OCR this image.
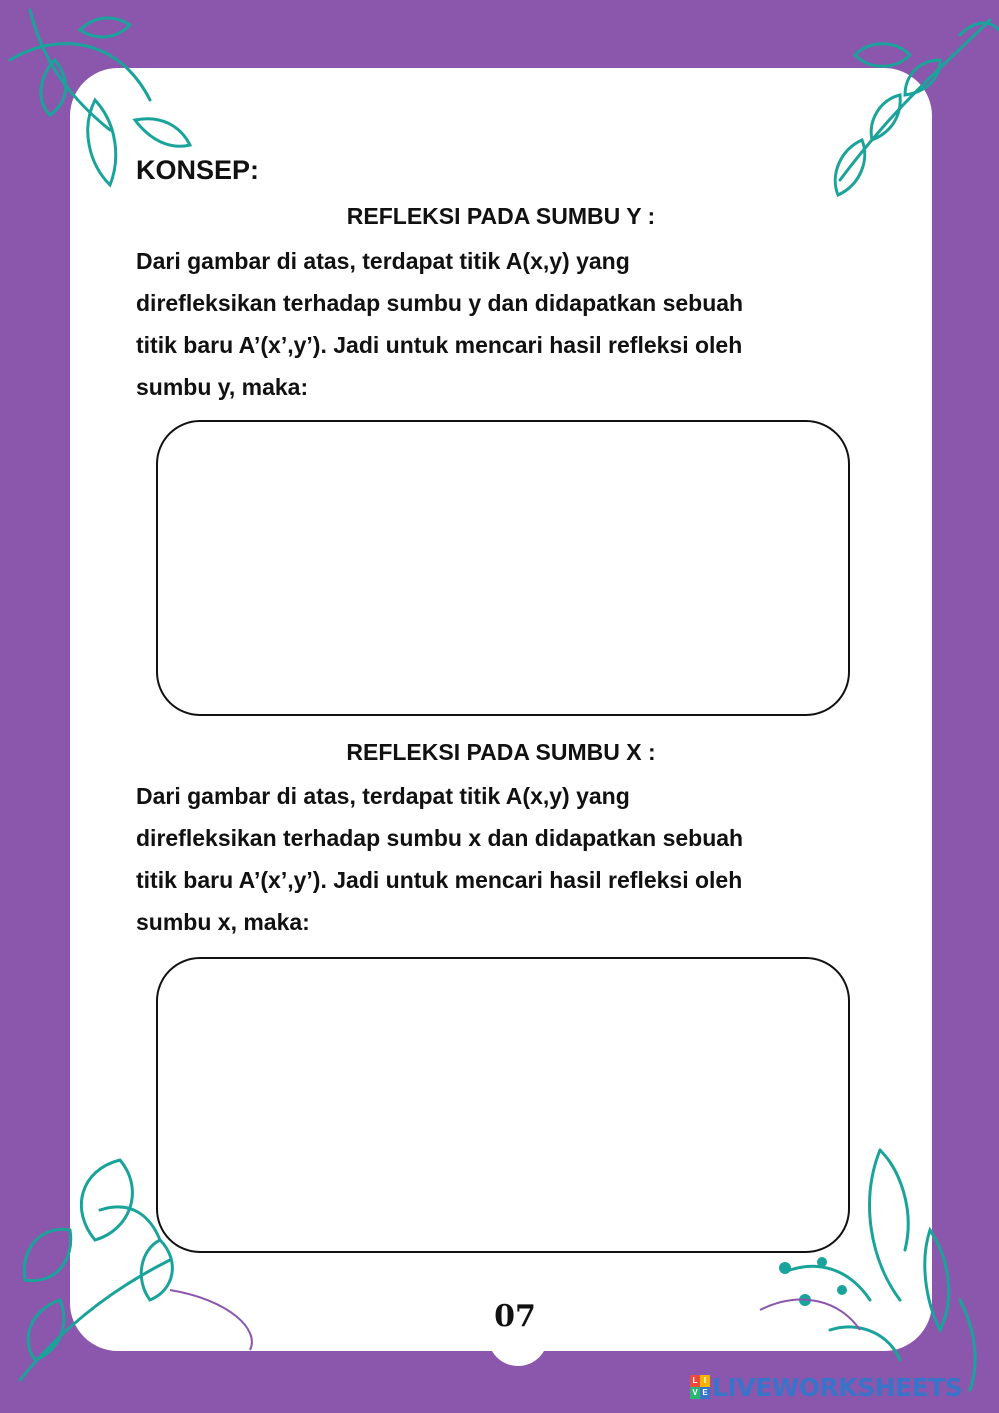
KONSEP:
REFLEKSI PADA SUMBU Y :
Dari gambar di atas, terdapat titik A(x,y) yang
direfleksikan terhadap sumbu y dan didapatkan sebuah
titik baru A’(x’,y’). Jadi untuk mencari hasil refleksi oleh
sumbu y, maka:
REFLEKSI PADA SUMBU X :
Dari gambar di atas, terdapat titik A(x,y) yang
direfleksikan terhadap sumbu x dan didapatkan sebuah
titik baru A’(x’,y’). Jadi untuk mencari hasil refleksi oleh
sumbu x, maka:
07
L I
V E LIVEWORKSHEETS
